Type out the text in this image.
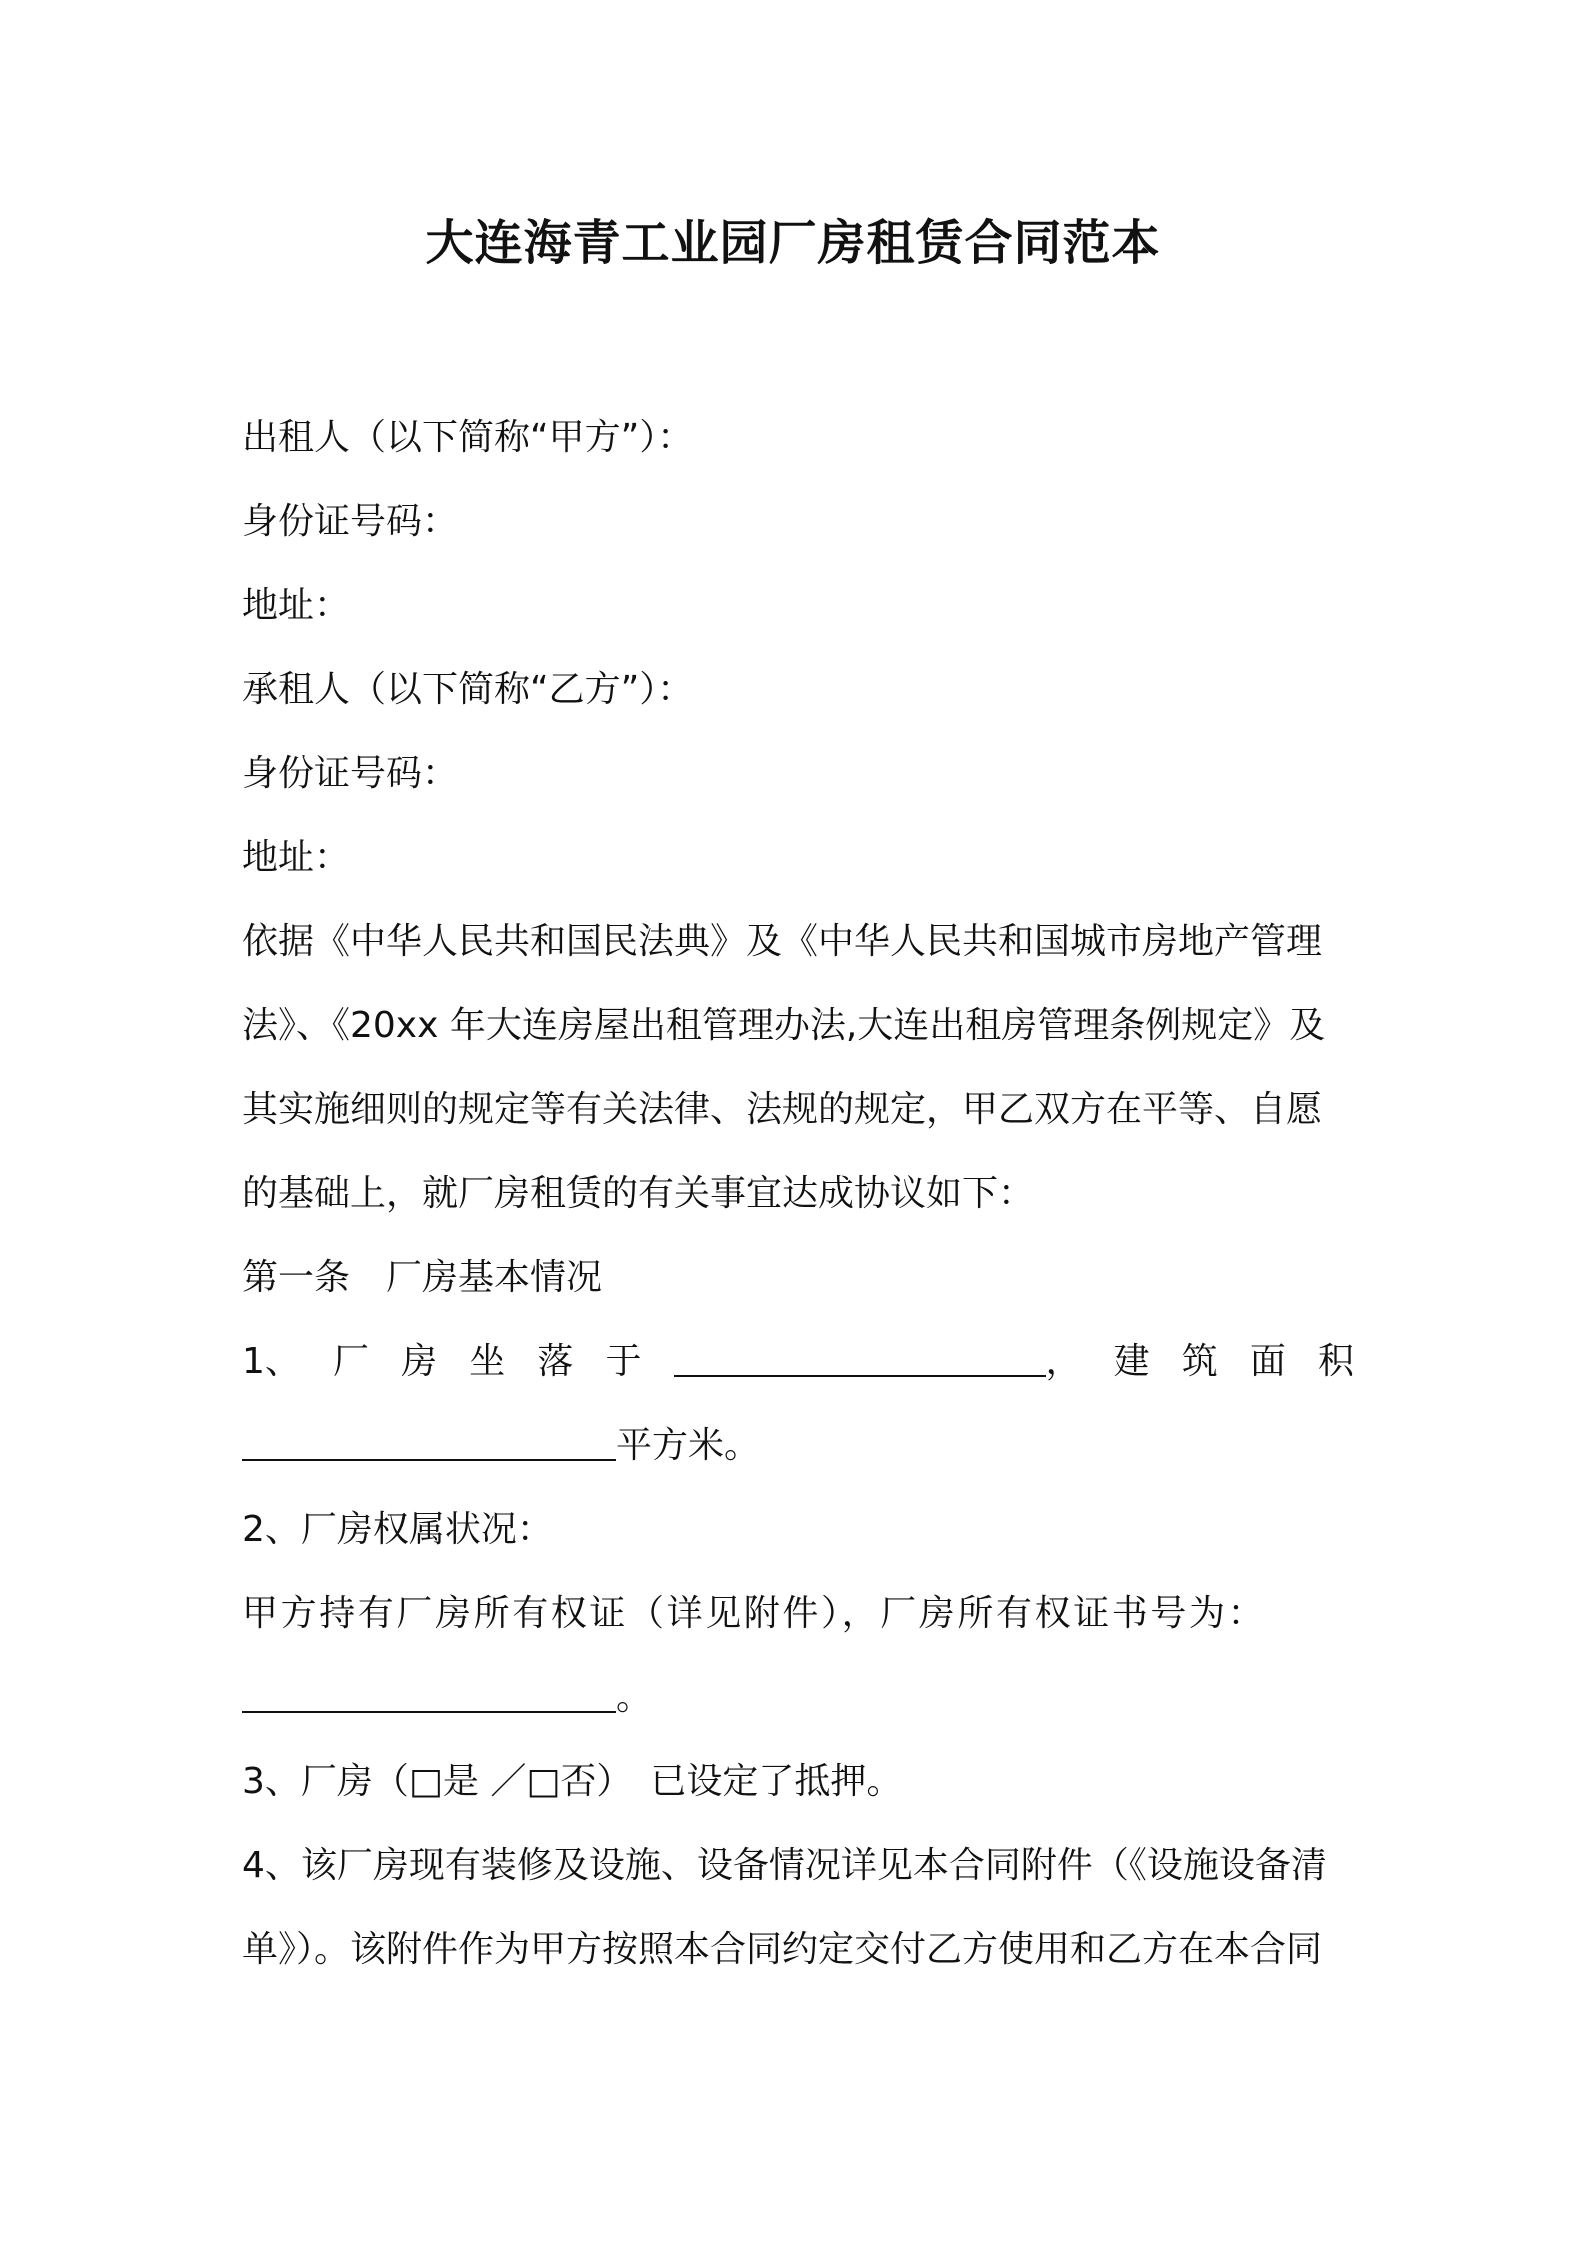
大连海青工业园厂房租赁合同范本
出租人（以下简称“甲方”）：
身份证号码：
地址：
承租人（以下简称“乙方”）：
身份证号码：
地址：
依据《中华人民共和国民法典》及《中华人民共和国城市房地产管理
法》、《20xx 年大连房屋出租管理办法,大连出租房管理条例规定》及
其实施细则的规定等有关法律、法规的规定，甲乙双方在平等、自愿
的基础上，就厂房租赁的有关事宜达成协议如下：
第一条　厂房基本情况
1、 厂 房 坐 落 于	， 建 筑 面 积
平方米。
2、厂房权属状况：
甲方持有厂房所有权证（详见附件），厂房所有权证书号为：
。
3、厂房（□是 ／□否）　已设定了抵押。
4、该厂房现有装修及设施、设备情况详见本合同附件（《设施设备清
单》）。该附件作为甲方按照本合同约定交付乙方使用和乙方在本合同
